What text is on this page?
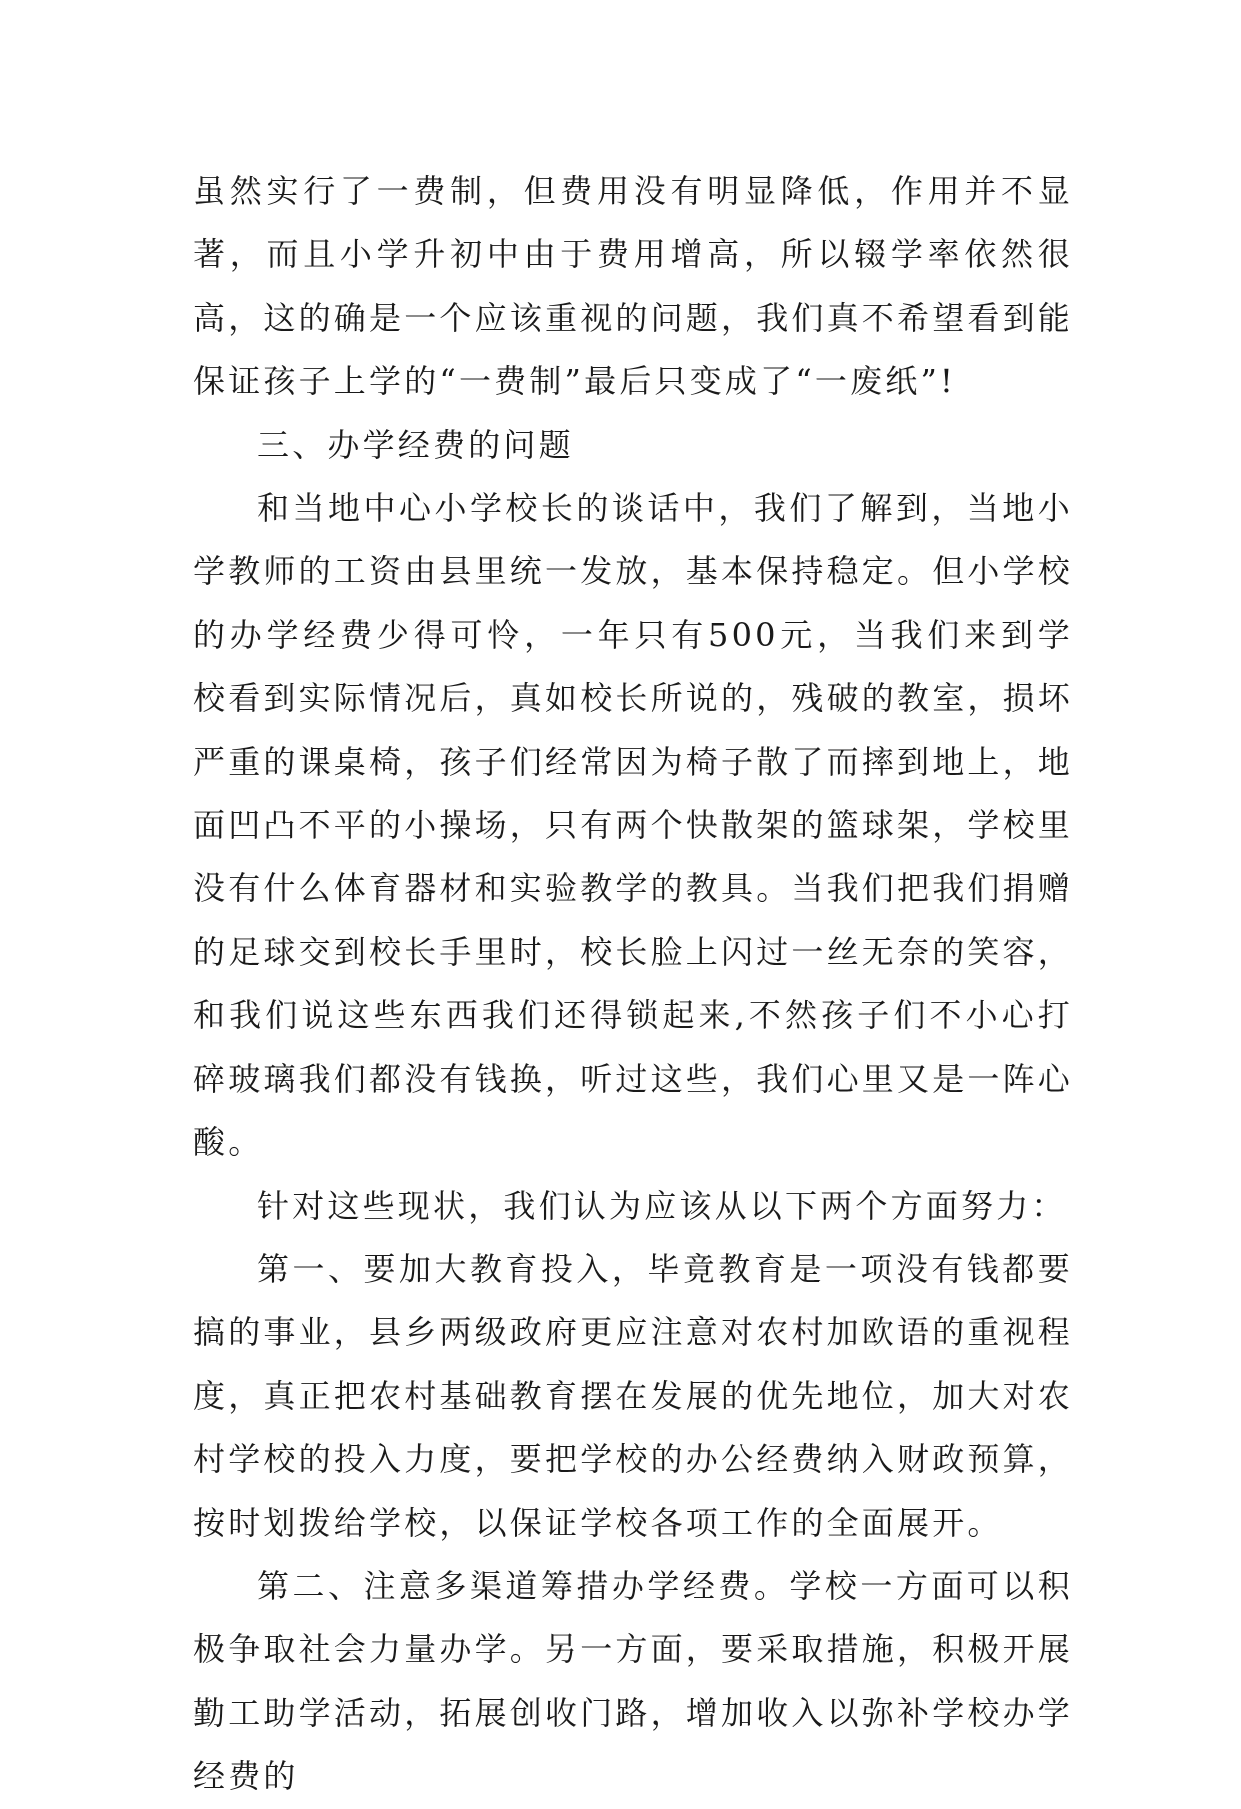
虽然实行了一费制，但费用没有明显降低，作用并不显著，而且小学升初中由于费用增高，所以辍学率依然很高，这的确是一个应该重视的问题，我们真不希望看到能保证孩子上学的“一费制”最后只变成了“一废纸”!

三、办学经费的问题

和当地中心小学校长的谈话中，我们了解到，当地小学教师的工资由县里统一发放，基本保持稳定。但小学校的办学经费少得可怜，一年只有500元，当我们来到学校看到实际情况后，真如校长所说的，残破的教室，损坏严重的课桌椅，孩子们经常因为椅子散了而摔到地上，地面凹凸不平的小操场，只有两个快散架的篮球架，学校里没有什么体育器材和实验教学的教具。当我们把我们捐赠的足球交到校长手里时，校长脸上闪过一丝无奈的笑容，和我们说这些东西我们还得锁起来,不然孩子们不小心打碎玻璃我们都没有钱换，听过这些，我们心里又是一阵心酸。

针对这些现状，我们认为应该从以下两个方面努力：

第一、要加大教育投入，毕竟教育是一项没有钱都要搞的事业，县乡两级政府更应注意对农村加欧语的重视程度，真正把农村基础教育摆在发展的优先地位，加大对农村学校的投入力度，要把学校的办公经费纳入财政预算，按时划拨给学校，以保证学校各项工作的全面展开。

第二、注意多渠道筹措办学经费。学校一方面可以积极争取社会力量办学。另一方面，要采取措施，积极开展勤工助学活动，拓展创收门路，增加收入以弥补学校办学经费的
